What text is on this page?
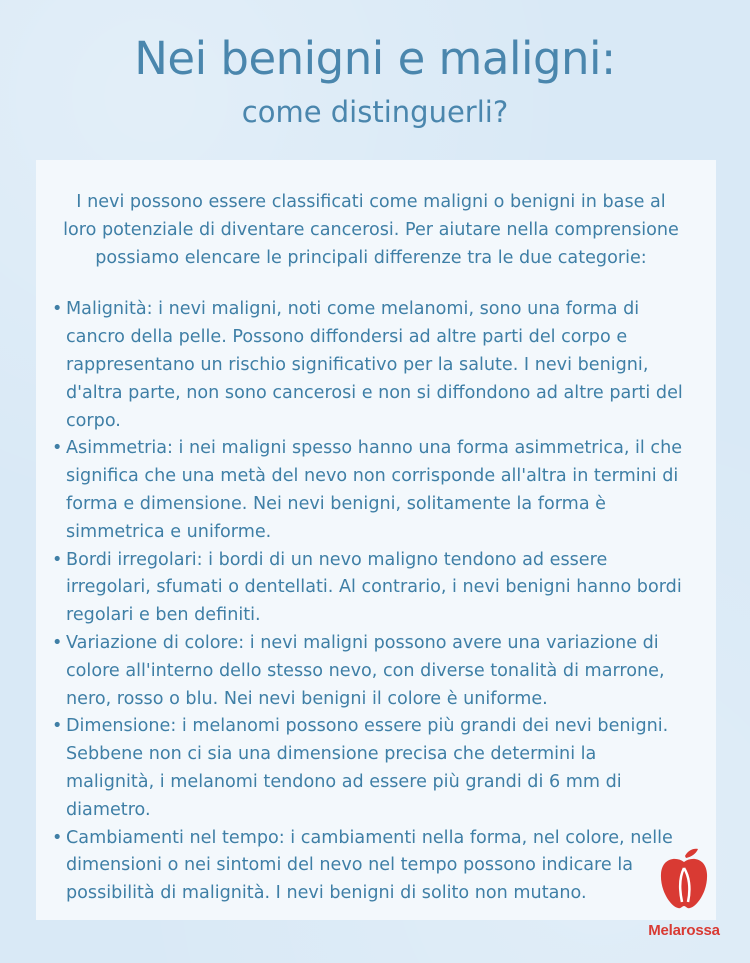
Nei benigni e maligni:
come distinguerli?

I nevi possono essere classificati come maligni o benigni in base al loro potenziale di diventare cancerosi. Per aiutare nella comprensione possiamo elencare le principali differenze tra le due categorie:

• Malignità: i nevi maligni, noti come melanomi, sono una forma di cancro della pelle. Possono diffondersi ad altre parti del corpo e rappresentano un rischio significativo per la salute. I nevi benigni, d'altra parte, non sono cancerosi e non si diffondono ad altre parti del corpo.
• Asimmetria: i nei maligni spesso hanno una forma asimmetrica, il che significa che una metà del nevo non corrisponde all'altra in termini di forma e dimensione. Nei nevi benigni, solitamente la forma è simmetrica e uniforme.
• Bordi irregolari: i bordi di un nevo maligno tendono ad essere irregolari, sfumati o dentellati. Al contrario, i nevi benigni hanno bordi regolari e ben definiti.
• Variazione di colore: i nevi maligni possono avere una variazione di colore all'interno dello stesso nevo, con diverse tonalità di marrone, nero, rosso o blu. Nei nevi benigni il colore è uniforme.
• Dimensione: i melanomi possono essere più grandi dei nevi benigni. Sebbene non ci sia una dimensione precisa che determini la malignità, i melanomi tendono ad essere più grandi di 6 mm di diametro.
• Cambiamenti nel tempo: i cambiamenti nella forma, nel colore, nelle dimensioni o nei sintomi del nevo nel tempo possono indicare la possibilità di malignità. I nevi benigni di solito non mutano.
Melarossa
